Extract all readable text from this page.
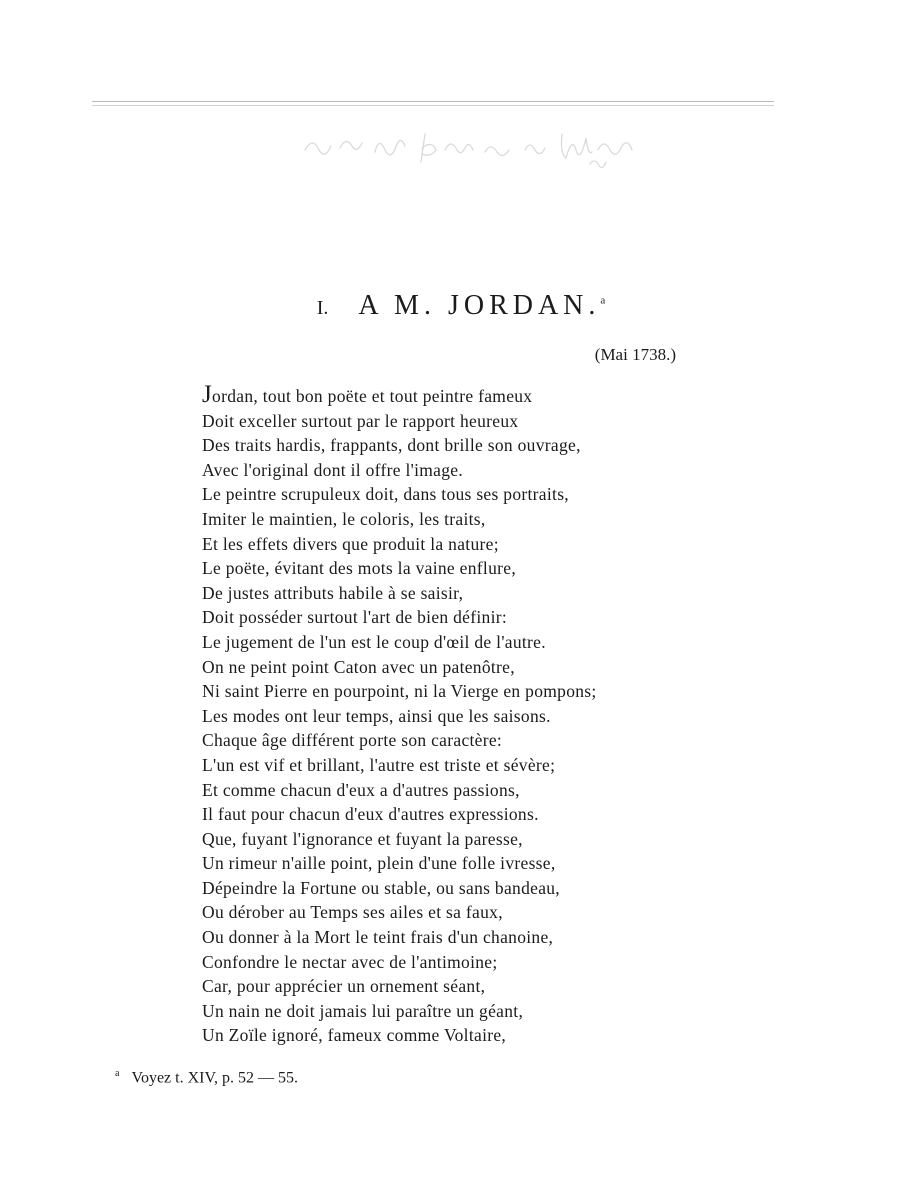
I. A M. JORDAN.$^a$
(Mai 1738.)
Jordan, tout bon poëte et tout peintre fameux
Doit exceller surtout par le rapport heureux
Des traits hardis, frappants, dont brille son ouvrage,
Avec l'original dont il offre l'image.
Le peintre scrupuleux doit, dans tous ses portraits,
Imiter le maintien, le coloris, les traits,
Et les effets divers que produit la nature;
Le poëte, évitant des mots la vaine enflure,
De justes attributs habile à se saisir,
Doit posséder surtout l'art de bien définir:
Le jugement de l'un est le coup d'œil de l'autre.
On ne peint point Caton avec un patenôtre,
Ni saint Pierre en pourpoint, ni la Vierge en pompons;
Les modes ont leur temps, ainsi que les saisons.
Chaque âge différent porte son caractère:
L'un est vif et brillant, l'autre est triste et sévère;
Et comme chacun d'eux a d'autres passions,
Il faut pour chacun d'eux d'autres expressions.
Que, fuyant l'ignorance et fuyant la paresse,
Un rimeur n'aille point, plein d'une folle ivresse,
Dépeindre la Fortune ou stable, ou sans bandeau,
Ou dérober au Temps ses ailes et sa faux,
Ou donner à la Mort le teint frais d'un chanoine,
Confondre le nectar avec de l'antimoine;
Car, pour apprécier un ornement séant,
Un nain ne doit jamais lui paraître un géant,
Un Zoïle ignoré, fameux comme Voltaire,
$^a$ Voyez t. XIV, p. 52 — 55.
